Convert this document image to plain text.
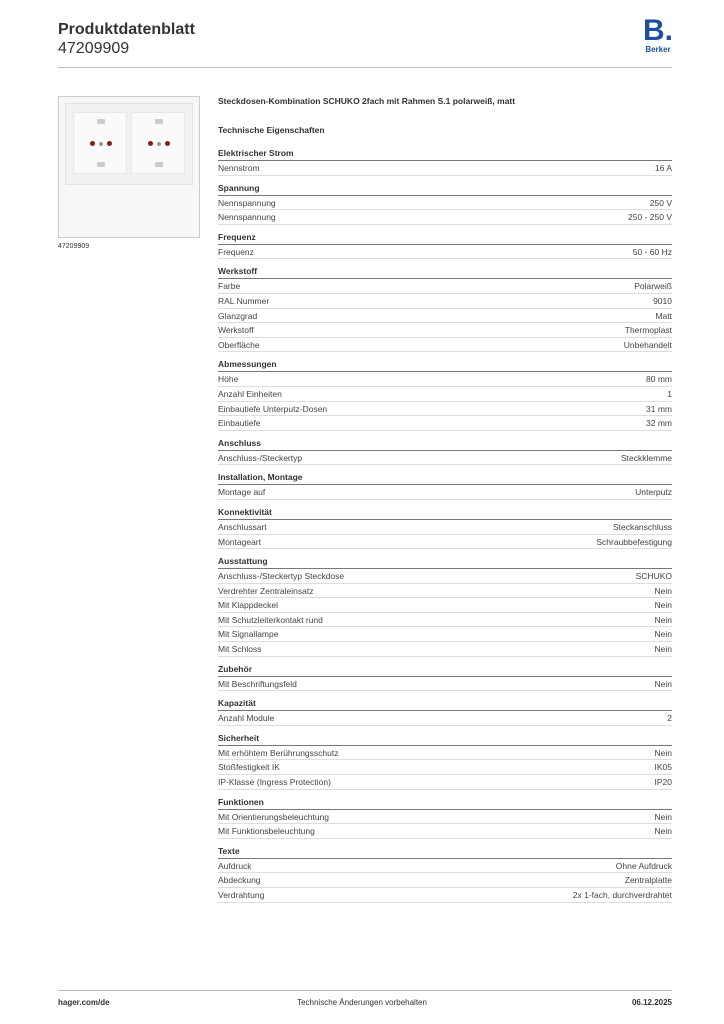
Produktdatenblatt
47209909
B.
Berker
47209909
Steckdosen-Kombination SCHUKO 2fach mit Rahmen S.1 polarweiß, matt
Technische Eigenschaften
Elektrischer Strom
Nennstrom	16 A
Spannung
Nennspannung	250 V
Nennspannung	250 - 250 V
Frequenz
Frequenz	50 - 60 Hz
Werkstoff
Farbe	Polarweiß
RAL Nummer	9010
Glanzgrad	Matt
Werkstoff	Thermoplast
Oberfläche	Unbehandelt
Abmessungen
Höhe	80 mm
Anzahl Einheiten	1
Einbautiefe Unterputz-Dosen	31 mm
Einbautiefe	32 mm
Anschluss
Anschluss-/Steckertyp	Steckklemme
Installation, Montage
Montage auf	Unterputz
Konnektivität
Anschlussart	Steckanschluss
Montageart	Schraubbefestigung
Ausstattung
Anschluss-/Steckertyp Steckdose	SCHUKO
Verdrehter Zentraleinsatz	Nein
Mit Klappdeckel	Nein
Mit Schutzleiterkontakt rund	Nein
Mit Signallampe	Nein
Mit Schloss	Nein
Zubehör
Mit Beschriftungsfeld	Nein
Kapazität
Anzahl Module	2
Sicherheit
Mit erhöhtem Berührungsschutz	Nein
Stoßfestigkeit IK	IK05
IP-Klasse (Ingress Protection)	IP20
Funktionen
Mit Orientierungsbeleuchtung	Nein
Mit Funktionsbeleuchtung	Nein
Texte
Aufdruck	Ohne Aufdruck
Abdeckung	Zentralplatte
Verdrahtung	2x 1-fach, durchverdrahtet
hager.com/de	Technische Änderungen vorbehalten	06.12.2025
